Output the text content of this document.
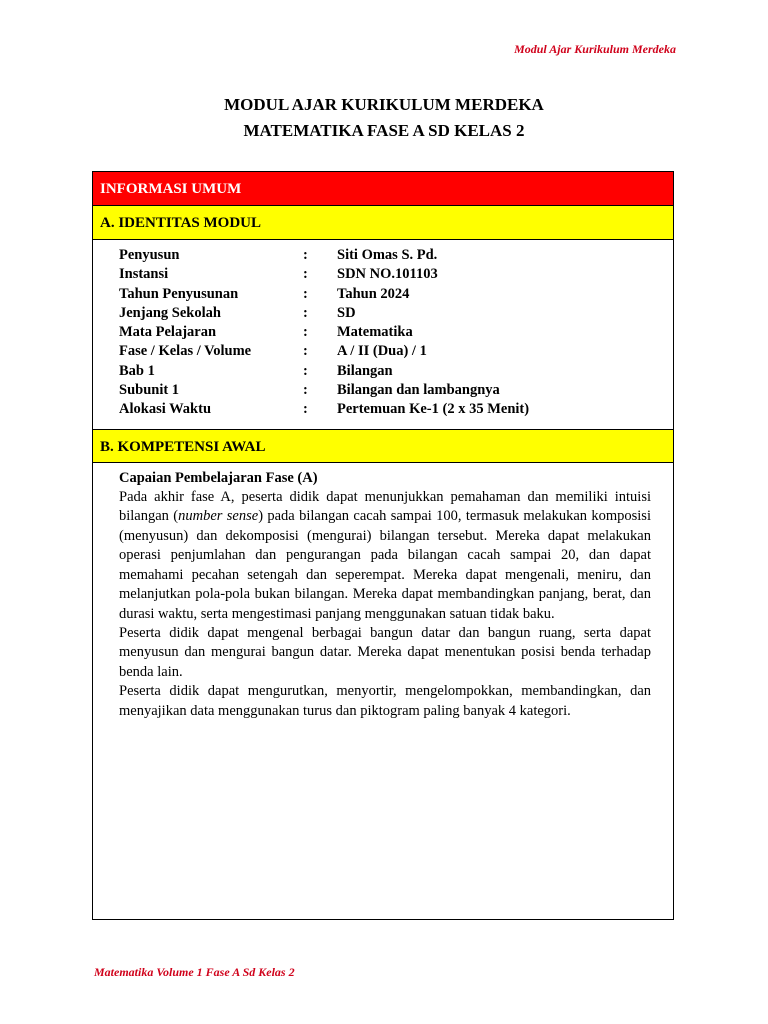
Modul Ajar Kurikulum Merdeka
MODUL AJAR KURIKULUM MERDEKA
MATEMATIKA FASE A SD KELAS 2
INFORMASI UMUM
A. IDENTITAS MODUL
Penyusun	:	Siti Omas S. Pd.
Instansi	:	SDN NO.101103
Tahun Penyusunan	:	Tahun 2024
Jenjang Sekolah	:	SD
Mata Pelajaran	:	Matematika
Fase / Kelas / Volume	:	A / II (Dua) / 1
Bab 1	:	Bilangan
Subunit 1	:	Bilangan dan lambangnya
Alokasi Waktu	:	Pertemuan Ke-1 (2 x 35 Menit)
B. KOMPETENSI AWAL
Capaian Pembelajaran Fase (A)

Pada akhir fase A, peserta didik dapat menunjukkan pemahaman dan memiliki intuisi bilangan (number sense) pada bilangan cacah sampai 100, termasuk melakukan komposisi (menyusun) dan dekomposisi (mengurai) bilangan tersebut. Mereka dapat melakukan operasi penjumlahan dan pengurangan pada bilangan cacah sampai 20, dan dapat memahami pecahan setengah dan seperempat. Mereka dapat mengenali, meniru, dan melanjutkan pola-pola bukan bilangan. Mereka dapat membandingkan panjang, berat, dan durasi waktu, serta mengestimasi panjang menggunakan satuan tidak baku.

Peserta didik dapat mengenal berbagai bangun datar dan bangun ruang, serta dapat menyusun dan mengurai bangun datar. Mereka dapat menentukan posisi benda terhadap benda lain.

Peserta didik dapat mengurutkan, menyortir, mengelompokkan, membandingkan, dan menyajikan data menggunakan turus dan piktogram paling banyak 4 kategori.

Matematika Volume 1 Fase A Sd Kelas 2
